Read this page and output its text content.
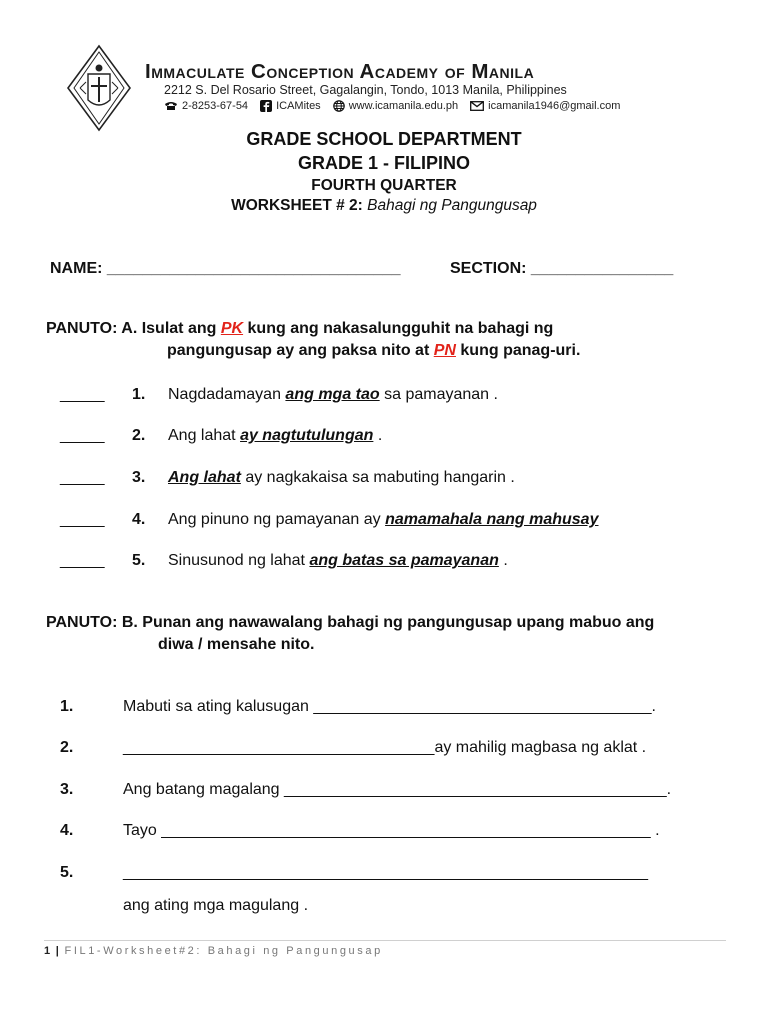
Immaculate Conception Academy of Manila
2212 S. Del Rosario Street, Gagalangin, Tondo, 1013 Manila, Philippines
2-8253-67-54	ICAMites	www.icamanila.edu.ph	icamanila1946@gmail.com
GRADE SCHOOL DEPARTMENT
GRADE 1 - FILIPINO
FOURTH QUARTER
WORKSHEET # 2: Bahagi ng Pangungusap
NAME: _________________________________	SECTION: ________________
PANUTO: A. Isulat ang PK kung ang nakasalungguhit na bahagi ng
pangungusap ay ang paksa nito at PN kung panag-uri.
_____ 1. Nagdadamayan ang mga tao sa pamayanan .
_____ 2. Ang lahat ay nagtutulungan .
_____ 3. Ang lahat ay nagkakaisa sa mabuting hangarin .
_____ 4. Ang pinuno ng pamayanan ay namamahala nang mahusay
_____ 5. Sinusunod ng lahat ang batas sa pamayanan .
PANUTO: B. Punan ang nawawalang bahagi ng pangungusap upang mabuo ang
diwa / mensahe nito.
1.	Mabuti sa ating kalusugan ______________________________________.
2.	___________________________________ay mahilig magbasa ng aklat .
3.	Ang batang magalang ___________________________________________.
4.	Tayo _______________________________________________________ .
5.	___________________________________________________________
ang ating mga magulang .
1 | FIL1-Worksheet#2: Bahagi ng Pangungusap
